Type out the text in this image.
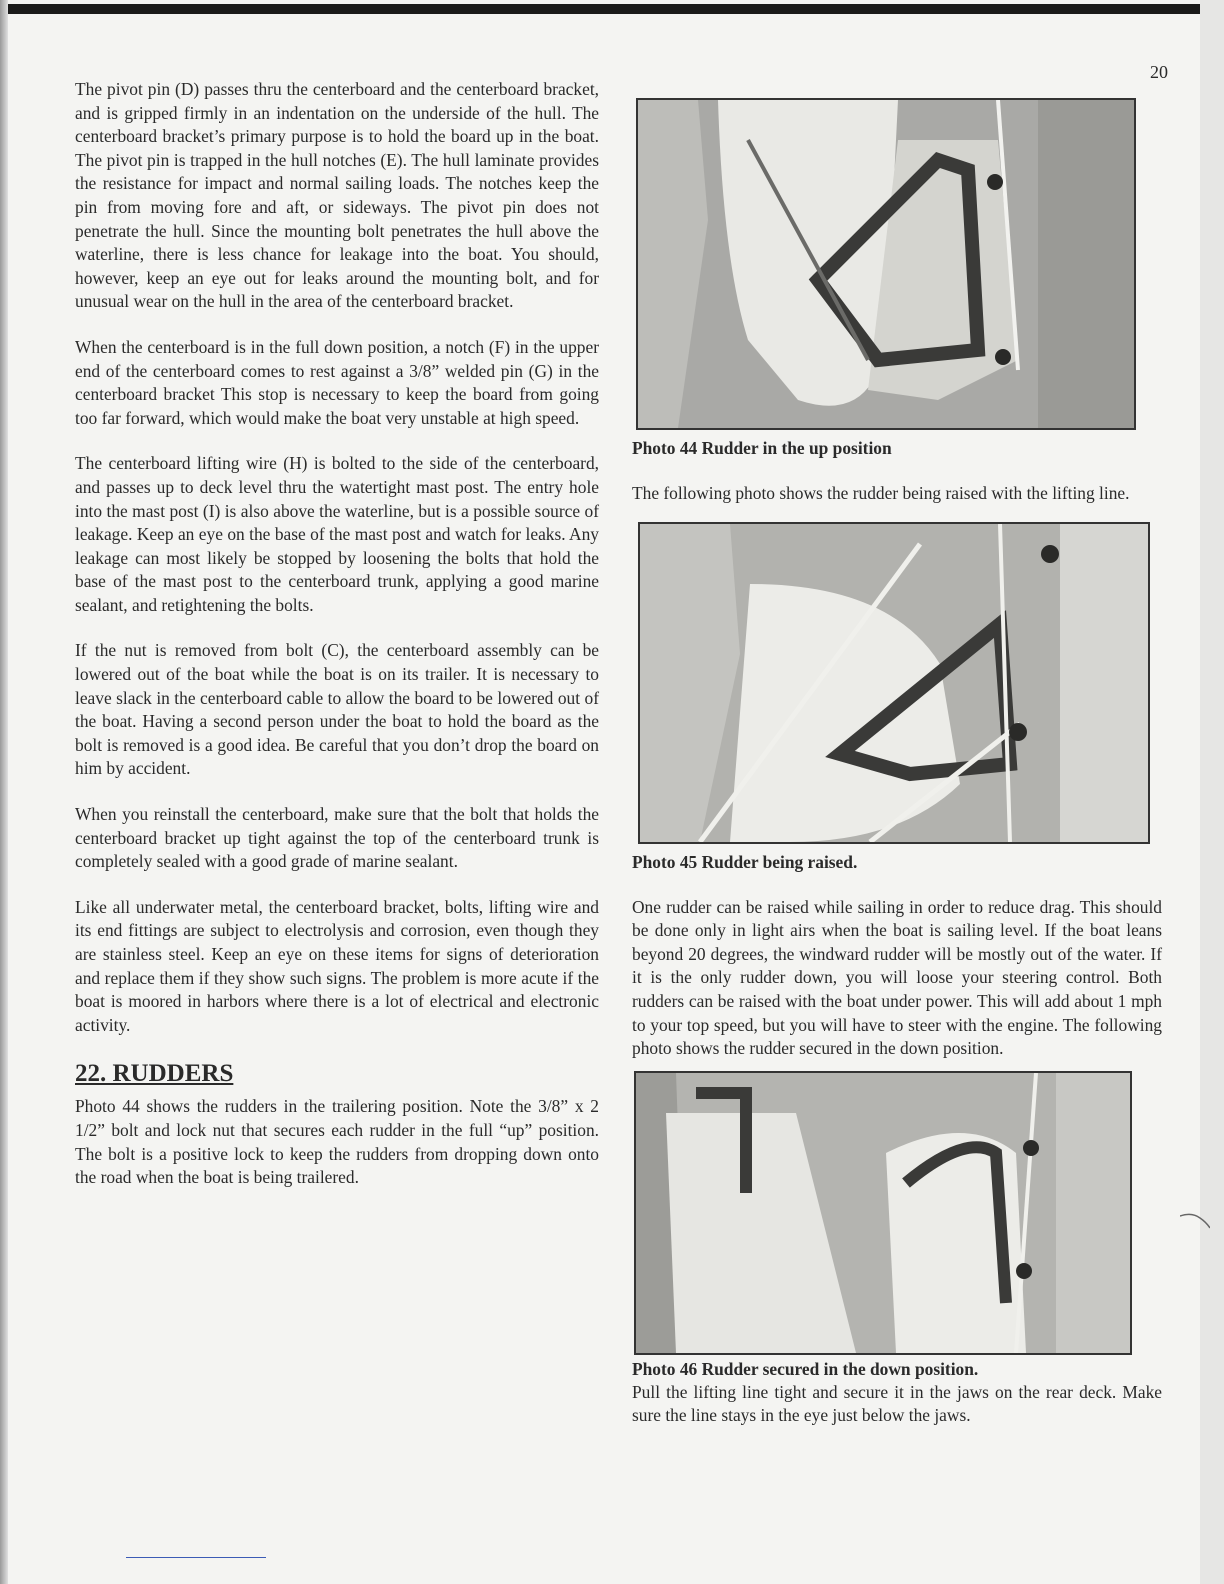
20

The pivot pin (D) passes thru the centerboard and the centerboard bracket, and is gripped firmly in an indentation on the underside of the hull. The centerboard bracket’s primary purpose is to hold the board up in the boat. The pivot pin is trapped in the hull notches (E). The hull laminate provides the resistance for impact and normal sailing loads. The notches keep the pin from moving fore and aft, or sideways. The pivot pin does not penetrate the hull. Since the mounting bolt penetrates the hull above the waterline, there is less chance for leakage into the boat. You should, however, keep an eye out for leaks around the mounting bolt, and for unusual wear on the hull in the area of the centerboard bracket.

When the centerboard is in the full down position, a notch (F) in the upper end of the centerboard comes to rest against a 3/8” welded pin (G) in the centerboard bracket This stop is necessary to keep the board from going too far forward, which would make the boat very unstable at high speed.

The centerboard lifting wire (H) is bolted to the side of the centerboard, and passes up to deck level thru the watertight mast post. The entry hole into the mast post (I) is also above the waterline, but is a possible source of leakage. Keep an eye on the base of the mast post and watch for leaks. Any leakage can most likely be stopped by loosening the bolts that hold the base of the mast post to the centerboard trunk, applying a good marine sealant, and retightening the bolts.

If the nut is removed from bolt (C), the centerboard assembly can be lowered out of the boat while the boat is on its trailer. It is necessary to leave slack in the centerboard cable to allow the board to be lowered out of the boat. Having a second person under the boat to hold the board as the bolt is removed is a good idea. Be careful that you don’t drop the board on him by accident.

When you reinstall the centerboard, make sure that the bolt that holds the centerboard bracket up tight against the top of the centerboard trunk is completely sealed with a good grade of marine sealant.

Like all underwater metal, the centerboard bracket, bolts, lifting wire and its end fittings are subject to electrolysis and corrosion, even though they are stainless steel. Keep an eye on these items for signs of deterioration and replace them if they show such signs. The problem is more acute if the boat is moored in harbors where there is a lot of electrical and electronic activity.

22. RUDDERS

Photo 44 shows the rudders in the trailering position. Note the 3/8” x 2 1/2” bolt and lock nut that secures each rudder in the full “up” position. The bolt is a positive lock to keep the rudders from dropping down onto the road when the boat is being trailered.

Photo 44 Rudder in the up position

The following photo shows the rudder being raised with the lifting line.

Photo 45 Rudder being raised.

One rudder can be raised while sailing in order to reduce drag. This should be done only in light airs when the boat is sailing level. If the boat leans beyond 20 degrees, the windward rudder will be mostly out of the water. If it is the only rudder down, you will loose your steering control. Both rudders can be raised with the boat under power. This will add about 1 mph to your top speed, but you will have to steer with the engine. The following photo shows the rudder secured in the down position.

Photo 46 Rudder secured in the down position.

Pull the lifting line tight and secure it in the jaws on the rear deck. Make sure the line stays in the eye just below the jaws.
